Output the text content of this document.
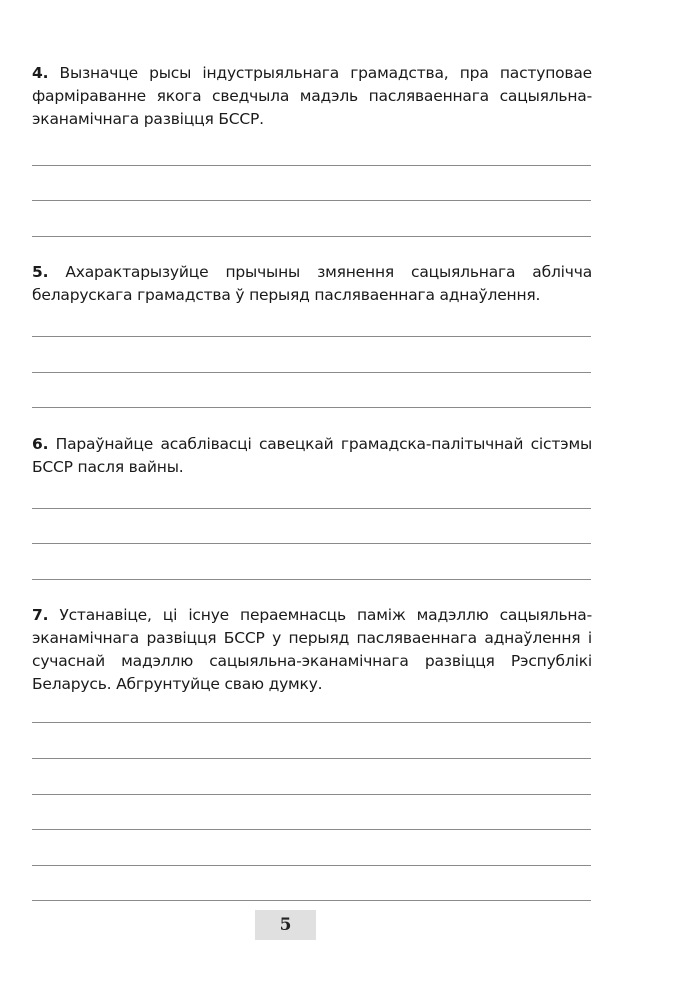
4. Вызначце рысы індустрыяльнага грамадства, пра паступовае фарміраванне якога сведчыла мадэль пасляваеннага сацыяльна-эканамічнага развіцця БССР.

5. Ахарактарызуйце прычыны змянення сацыяльнага аблічча беларускага грамадства ў перыяд пасляваеннага аднаўлення.

6. Параўнайце асаблівасці савецкай грамадска-палітычнай сістэмы БССР пасля вайны.

7. Устанавіце, ці існуе пераемнасць паміж мадэллю сацыяльна-эканамічнага развіцця БССР у перыяд пасляваеннага аднаўлення і сучаснай мадэллю сацыяльна-эканамічнага развіцця Рэспублікі Беларусь. Абгрунтуйце сваю думку.

5
